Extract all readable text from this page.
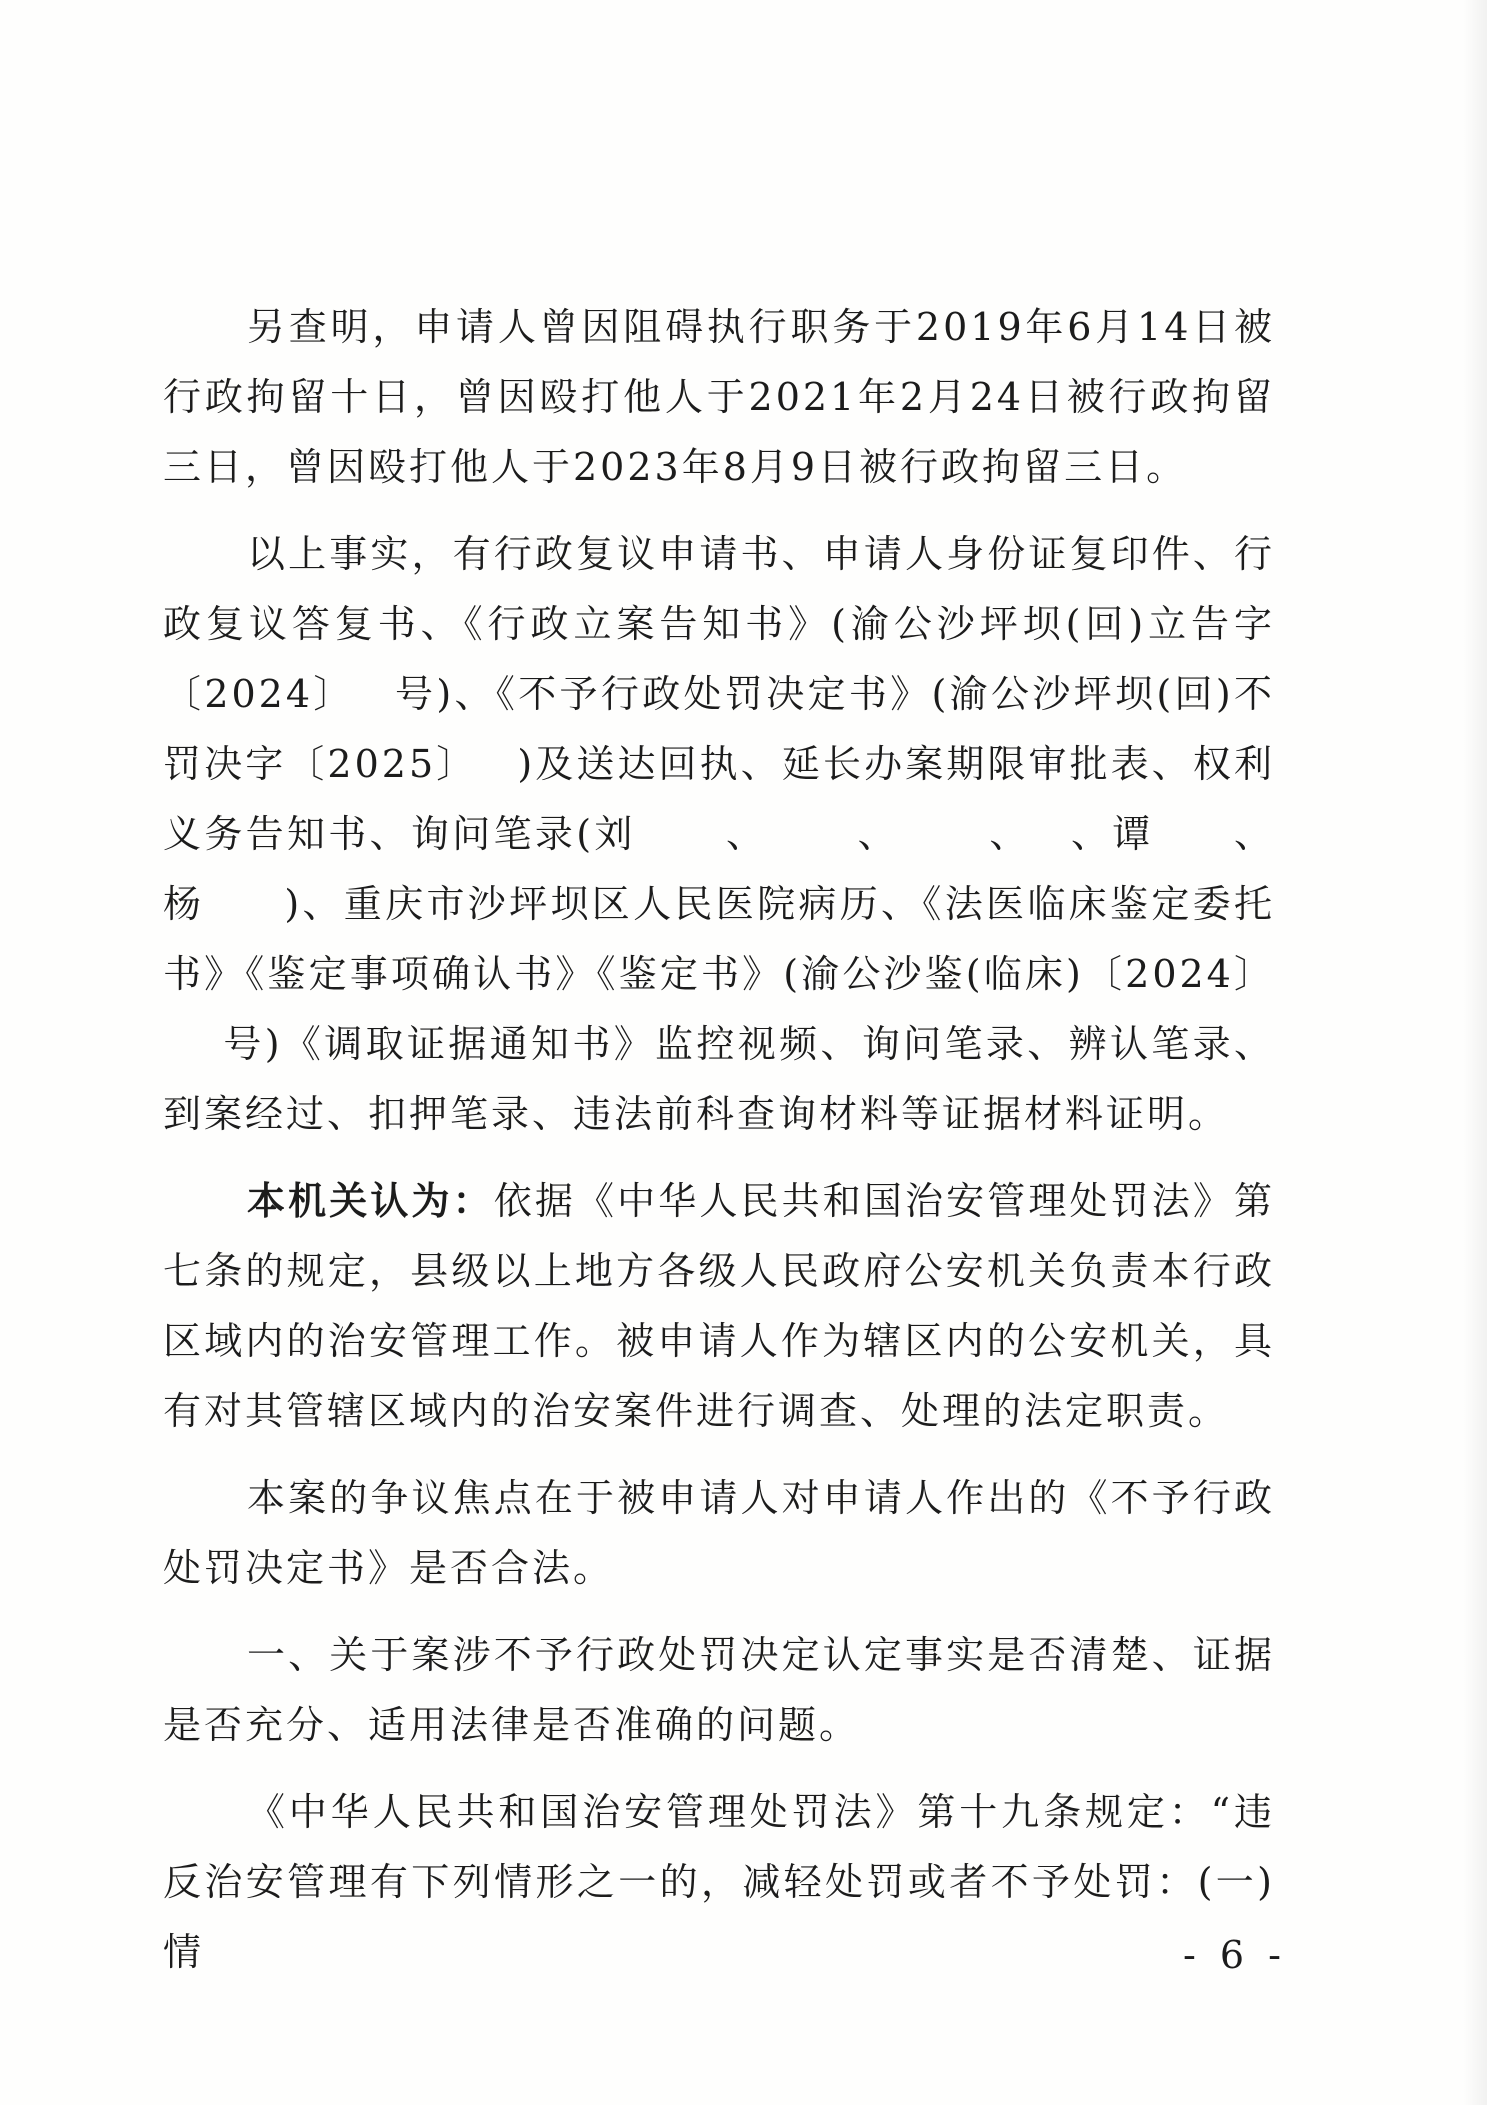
另查明，申请人曾因阻碍执行职务于2019年6月14日被行政拘留十日，曾因殴打他人于2021年2月24日被行政拘留三日，曾因殴打他人于2023年8月9日被行政拘留三日。

以上事实，有行政复议申请书、申请人身份证复印件、行政复议答复书、《行政立案告知书》(渝公沙坪坝(回)立告字〔2024〕 号)、《不予行政处罚决定书》(渝公沙坪坝(回)不罚决字〔2025〕 )及送达回执、延长办案期限审批表、权利义务告知书、询问笔录(刘 、 、 、 、谭 、杨 )、重庆市沙坪坝区人民医院病历、《法医临床鉴定委托书》《鉴定事项确认书》《鉴定书》(渝公沙鉴(临床)〔2024〕号)《调取证据通知书》监控视频、询问笔录、辨认笔录、到案经过、扣押笔录、违法前科查询材料等证据材料证明。

本机关认为：依据《中华人民共和国治安管理处罚法》第七条的规定，县级以上地方各级人民政府公安机关负责本行政区域内的治安管理工作。被申请人作为辖区内的公安机关，具有对其管辖区域内的治安案件进行调查、处理的法定职责。

本案的争议焦点在于被申请人对申请人作出的《不予行政处罚决定书》是否合法。

一、关于案涉不予行政处罚决定认定事实是否清楚、证据是否充分、适用法律是否准确的问题。

《中华人民共和国治安管理处罚法》第十九条规定：“违反治安管理有下列情形之一的，减轻处罚或者不予处罚：(一)情	- 6 -
